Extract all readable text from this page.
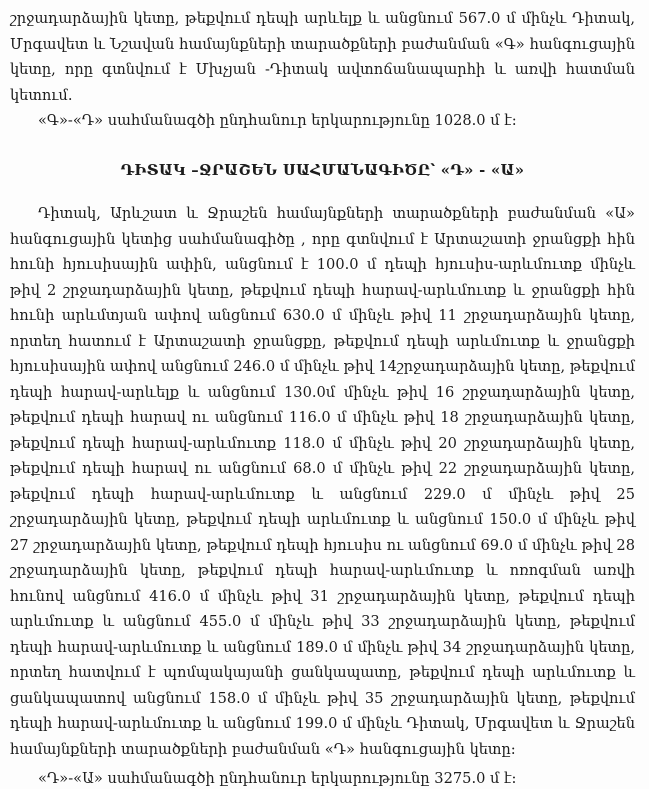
շրջադարձային կետը, թեքվում դեպի արևելք և անցնում 567.0 մ մինչև Դիտակ, Մրգավետ և Նշավան համայնքների տարածքների բաժանման «Գ» հանգուցային կետը, որը գտնվում է Մխչյան -Դիտակ ավտոճանապարհի և առվի հատման կետում.

«Գ»-«Դ» սահմանագծի ընդհանուր երկարությունը 1028.0 մ է:

ԴԻՏԱԿ –ՋՐԱՇԵՆ ՍԱՀՄԱՆԱԳԻԾԸ՝ «Դ» - «Ա»

Դիտակ, Արևշատ և Ջրաշեն համայնքների տարածքների բաժանման «Ա» հանգուցային կետից սահմանագիծը , որը գտնվում է Արտաշատի ջրանցքի հին հունի հյուսիսային ափին, անցնում է 100.0 մ դեպի հյուսիս-արևմուտք մինչև թիվ 2 շրջադարձային կետը, թեքվում դեպի հարավ-արևմուտք և ջրանցքի հին հունի արևմտյան ափով անցնում 630.0 մ մինչև թիվ 11 շրջադարձային կետը, որտեղ հատում է Արտաշատի ջրանցքը, թեքվում դեպի արևմուտք և ջրանցքի հյուսիսային ափով անցնում 246.0 մ մինչև թիվ 14շրջադարձային կետը, թեքվում դեպի հարավ-արևելք և անցնում 130.0մ մինչև թիվ 16 շրջադարձային կետը, թեքվում դեպի հարավ ու անցնում 116.0 մ մինչև թիվ 18 շրջադարձային կետը, թեքվում դեպի հարավ-արևմուտք 118.0 մ մինչև թիվ 20 շրջադարձային կետը, թեքվում դեպի հարավ ու անցնում 68.0 մ մինչև թիվ 22 շրջադարձային կետը, թեքվում դեպի հարավ-արևմուտք և անցնում 229.0 մ մինչև թիվ 25 շրջադարձային կետը, թեքվում դեպի արևմուտք և անցնում 150.0 մ մինչև թիվ 27 շրջադարձային կետը, թեքվում դեպի հյուսիս ու անցնում 69.0 մ մինչև թիվ 28 շրջադարձային կետը, թեքվում դեպի հարավ-արևմուտք և ոռոգման առվի հունով անցնում 416.0 մ մինչև թիվ 31 շրջադարձային կետը, թեքվում դեպի արևմուտք և անցնում 455.0 մ մինչև թիվ 33 շրջադարձային կետը, թեքվում դեպի հարավ-արևմուտք և անցնում 189.0 մ մինչև թիվ 34 շրջադարձային կետը, որտեղ հատվում է պոմպակայանի ցանկապատը, թեքվում դեպի արևմուտք և ցանկապատով անցնում 158.0 մ մինչև թիվ 35 շրջադարձային կետը, թեքվում դեպի հարավ-արևմուտք և անցնում 199.0 մ մինչև Դիտակ, Մրգավետ և Ջրաշեն համայնքների տարածքների բաժանման «Դ» հանգուցային կետը:

«Դ»-«Ա» սահմանագծի ընդհանուր երկարությունը 3275.0 մ է:
